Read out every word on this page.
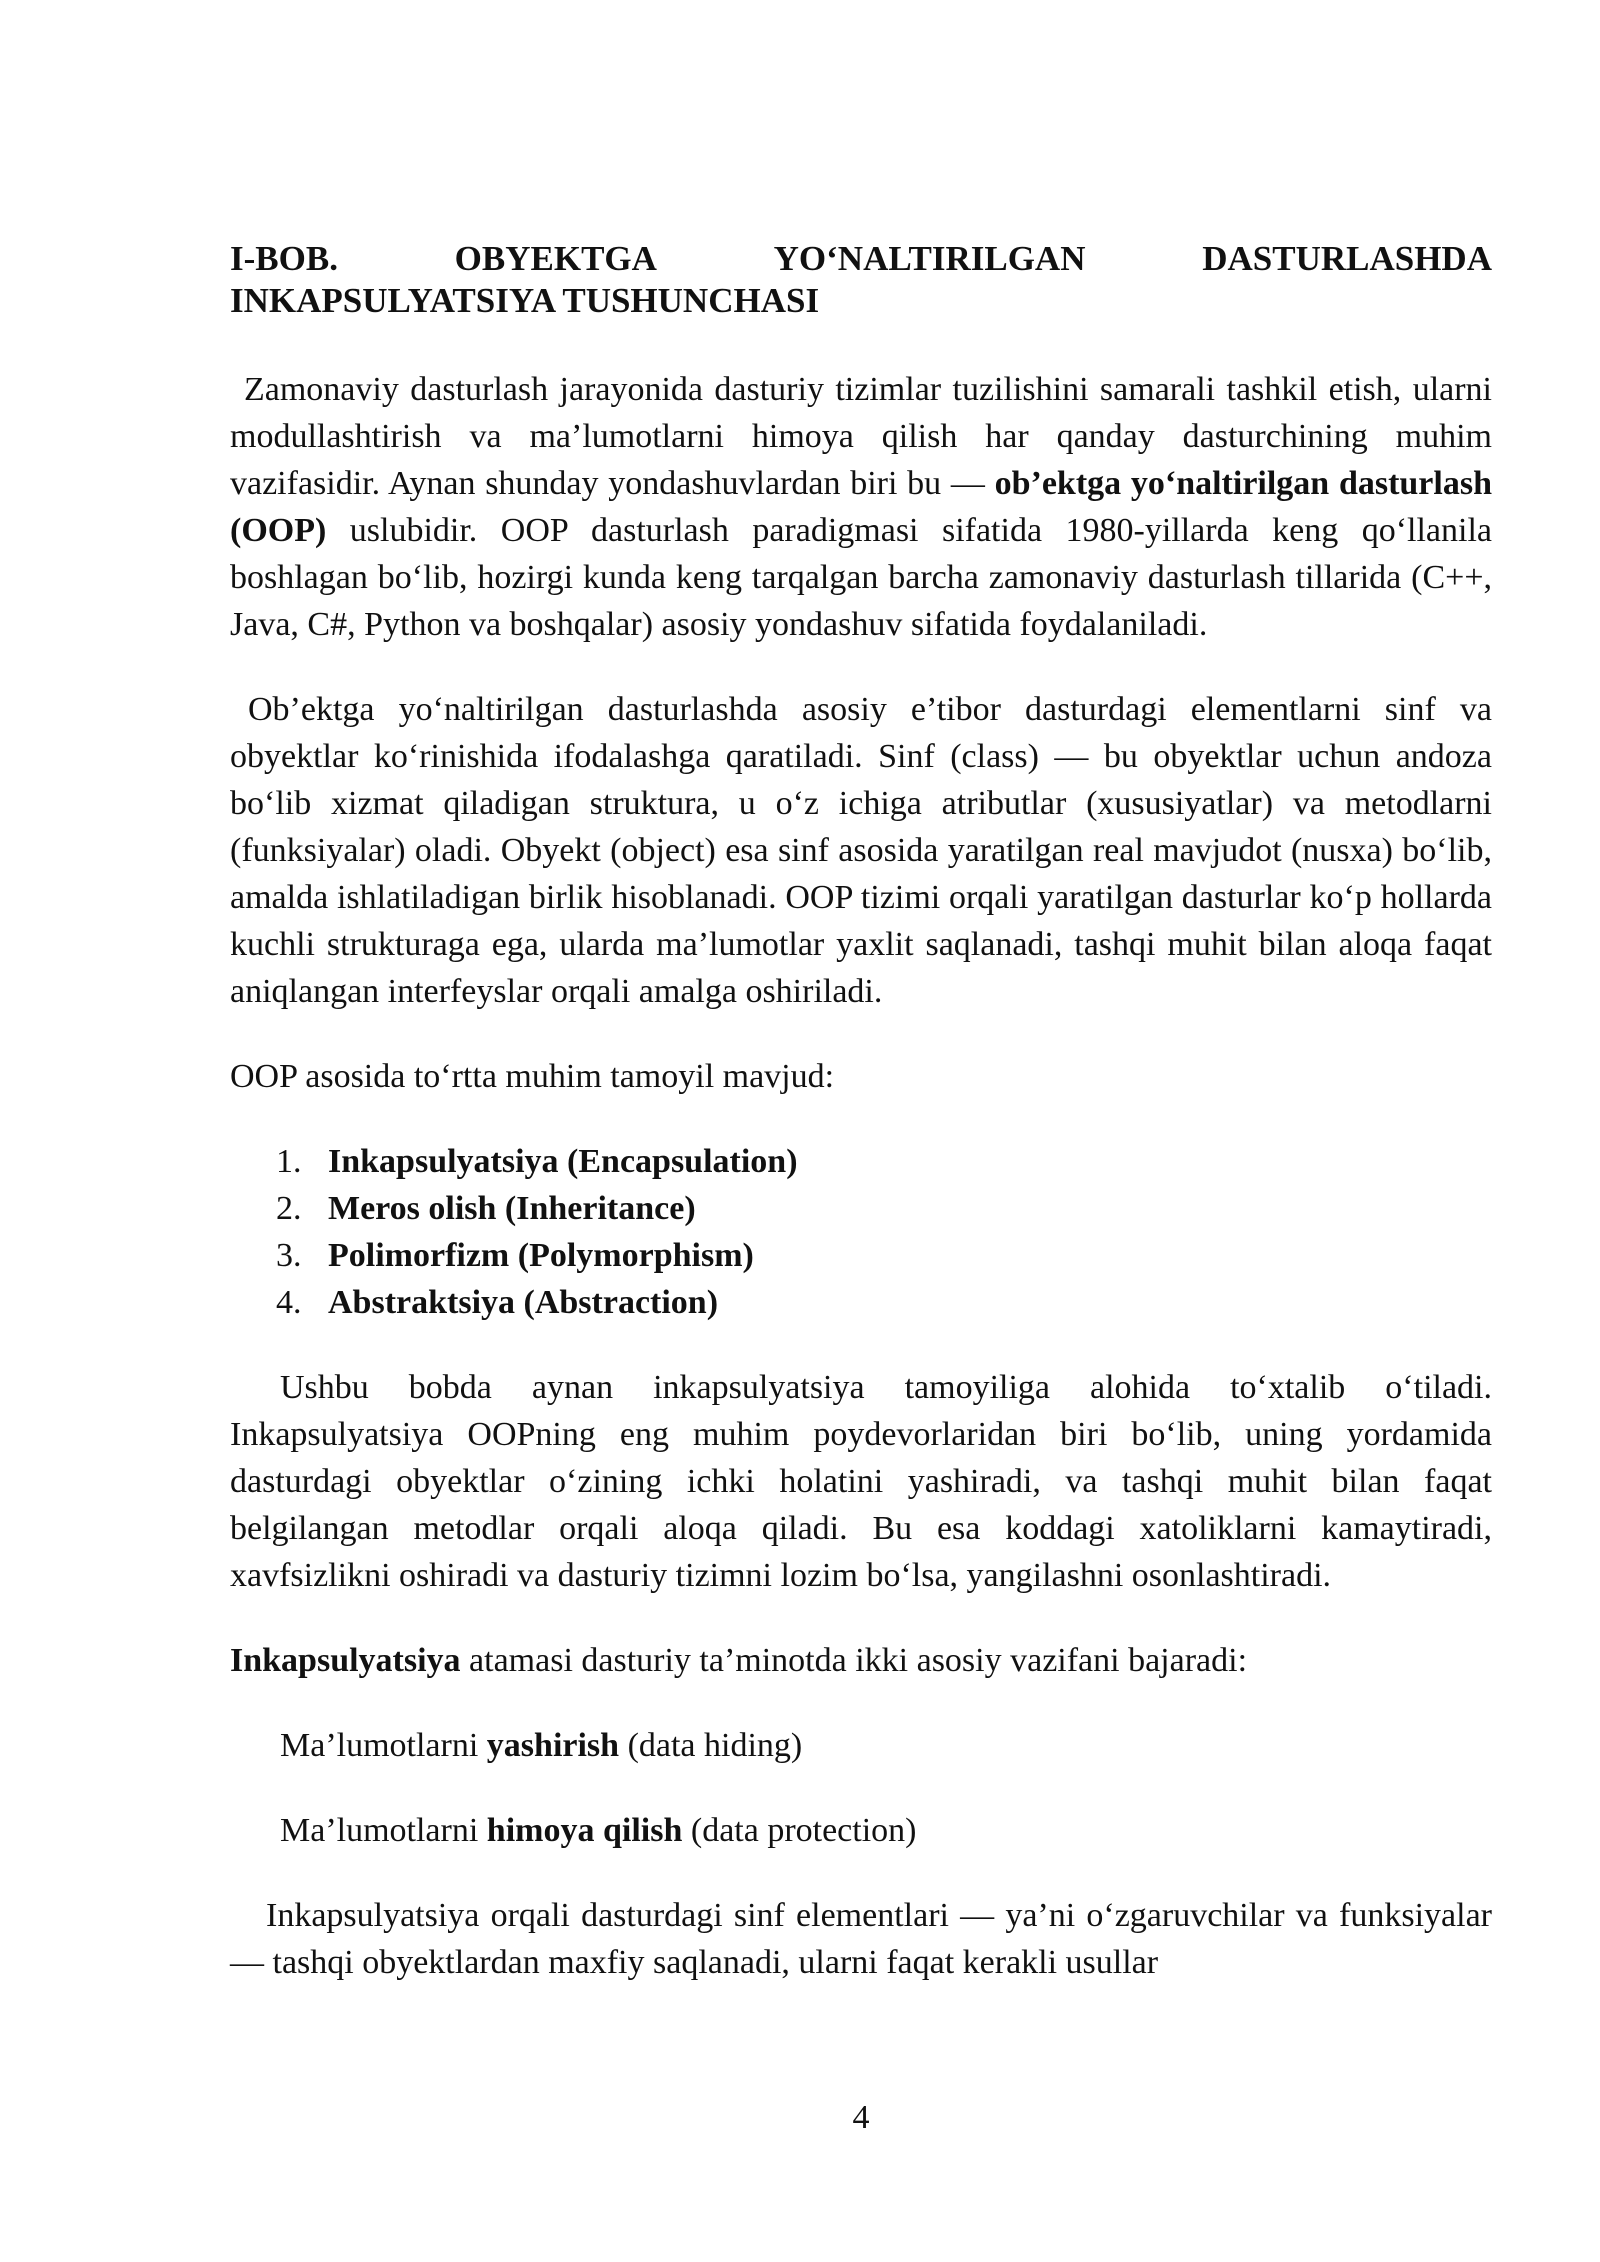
I-BOB.	OBYEKTGA	YO‘NALTIRILGAN	DASTURLASHDA
INKAPSULYATSIYA TUSHUNCHASI

Zamonaviy dasturlash jarayonida dasturiy tizimlar tuzilishini samarali tashkil etish, ularni modullashtirish va ma’lumotlarni himoya qilish har qanday dasturchining muhim vazifasidir. Aynan shunday yondashuvlardan biri bu — ob’ektga yo‘naltirilgan dasturlash (OOP) uslubidir. OOP dasturlash paradigmasi sifatida 1980-yillarda keng qo‘llanila boshlagan bo‘lib, hozirgi kunda keng tarqalgan barcha zamonaviy dasturlash tillarida (C++, Java, C#, Python va boshqalar) asosiy yondashuv sifatida foydalaniladi.

Ob’ektga yo‘naltirilgan dasturlashda asosiy e’tibor dasturdagi elementlarni sinf va obyektlar ko‘rinishida ifodalashga qaratiladi. Sinf (class) — bu obyektlar uchun andoza bo‘lib xizmat qiladigan struktura, u o‘z ichiga atributlar (xususiyatlar) va metodlarni (funksiyalar) oladi. Obyekt (object) esa sinf asosida yaratilgan real mavjudot (nusxa) bo‘lib, amalda ishlatiladigan birlik hisoblanadi. OOP tizimi orqali yaratilgan dasturlar ko‘p hollarda kuchli strukturaga ega, ularda ma’lumotlar yaxlit saqlanadi, tashqi muhit bilan aloqa faqat aniqlangan interfeyslar orqali amalga oshiriladi.

OOP asosida to‘rtta muhim tamoyil mavjud:

1. Inkapsulyatsiya (Encapsulation)
2. Meros olish (Inheritance)
3. Polimorfizm (Polymorphism)
4. Abstraktsiya (Abstraction)

Ushbu bobda aynan inkapsulyatsiya tamoyiliga alohida to‘xtalib o‘tiladi. Inkapsulyatsiya OOPning eng muhim poydevorlaridan biri bo‘lib, uning yordamida dasturdagi obyektlar o‘zining ichki holatini yashiradi, va tashqi muhit bilan faqat belgilangan metodlar orqali aloqa qiladi. Bu esa koddagi xatoliklarni kamaytiradi, xavfsizlikni oshiradi va dasturiy tizimni lozim bo‘lsa, yangilashni osonlashtiradi.

Inkapsulyatsiya atamasi dasturiy ta’minotda ikki asosiy vazifani bajaradi:

Ma’lumotlarni yashirish (data hiding)

Ma’lumotlarni himoya qilish (data protection)

Inkapsulyatsiya orqali dasturdagi sinf elementlari — ya’ni o‘zgaruvchilar va funksiyalar — tashqi obyektlardan maxfiy saqlanadi, ularni faqat kerakli usullar

4
